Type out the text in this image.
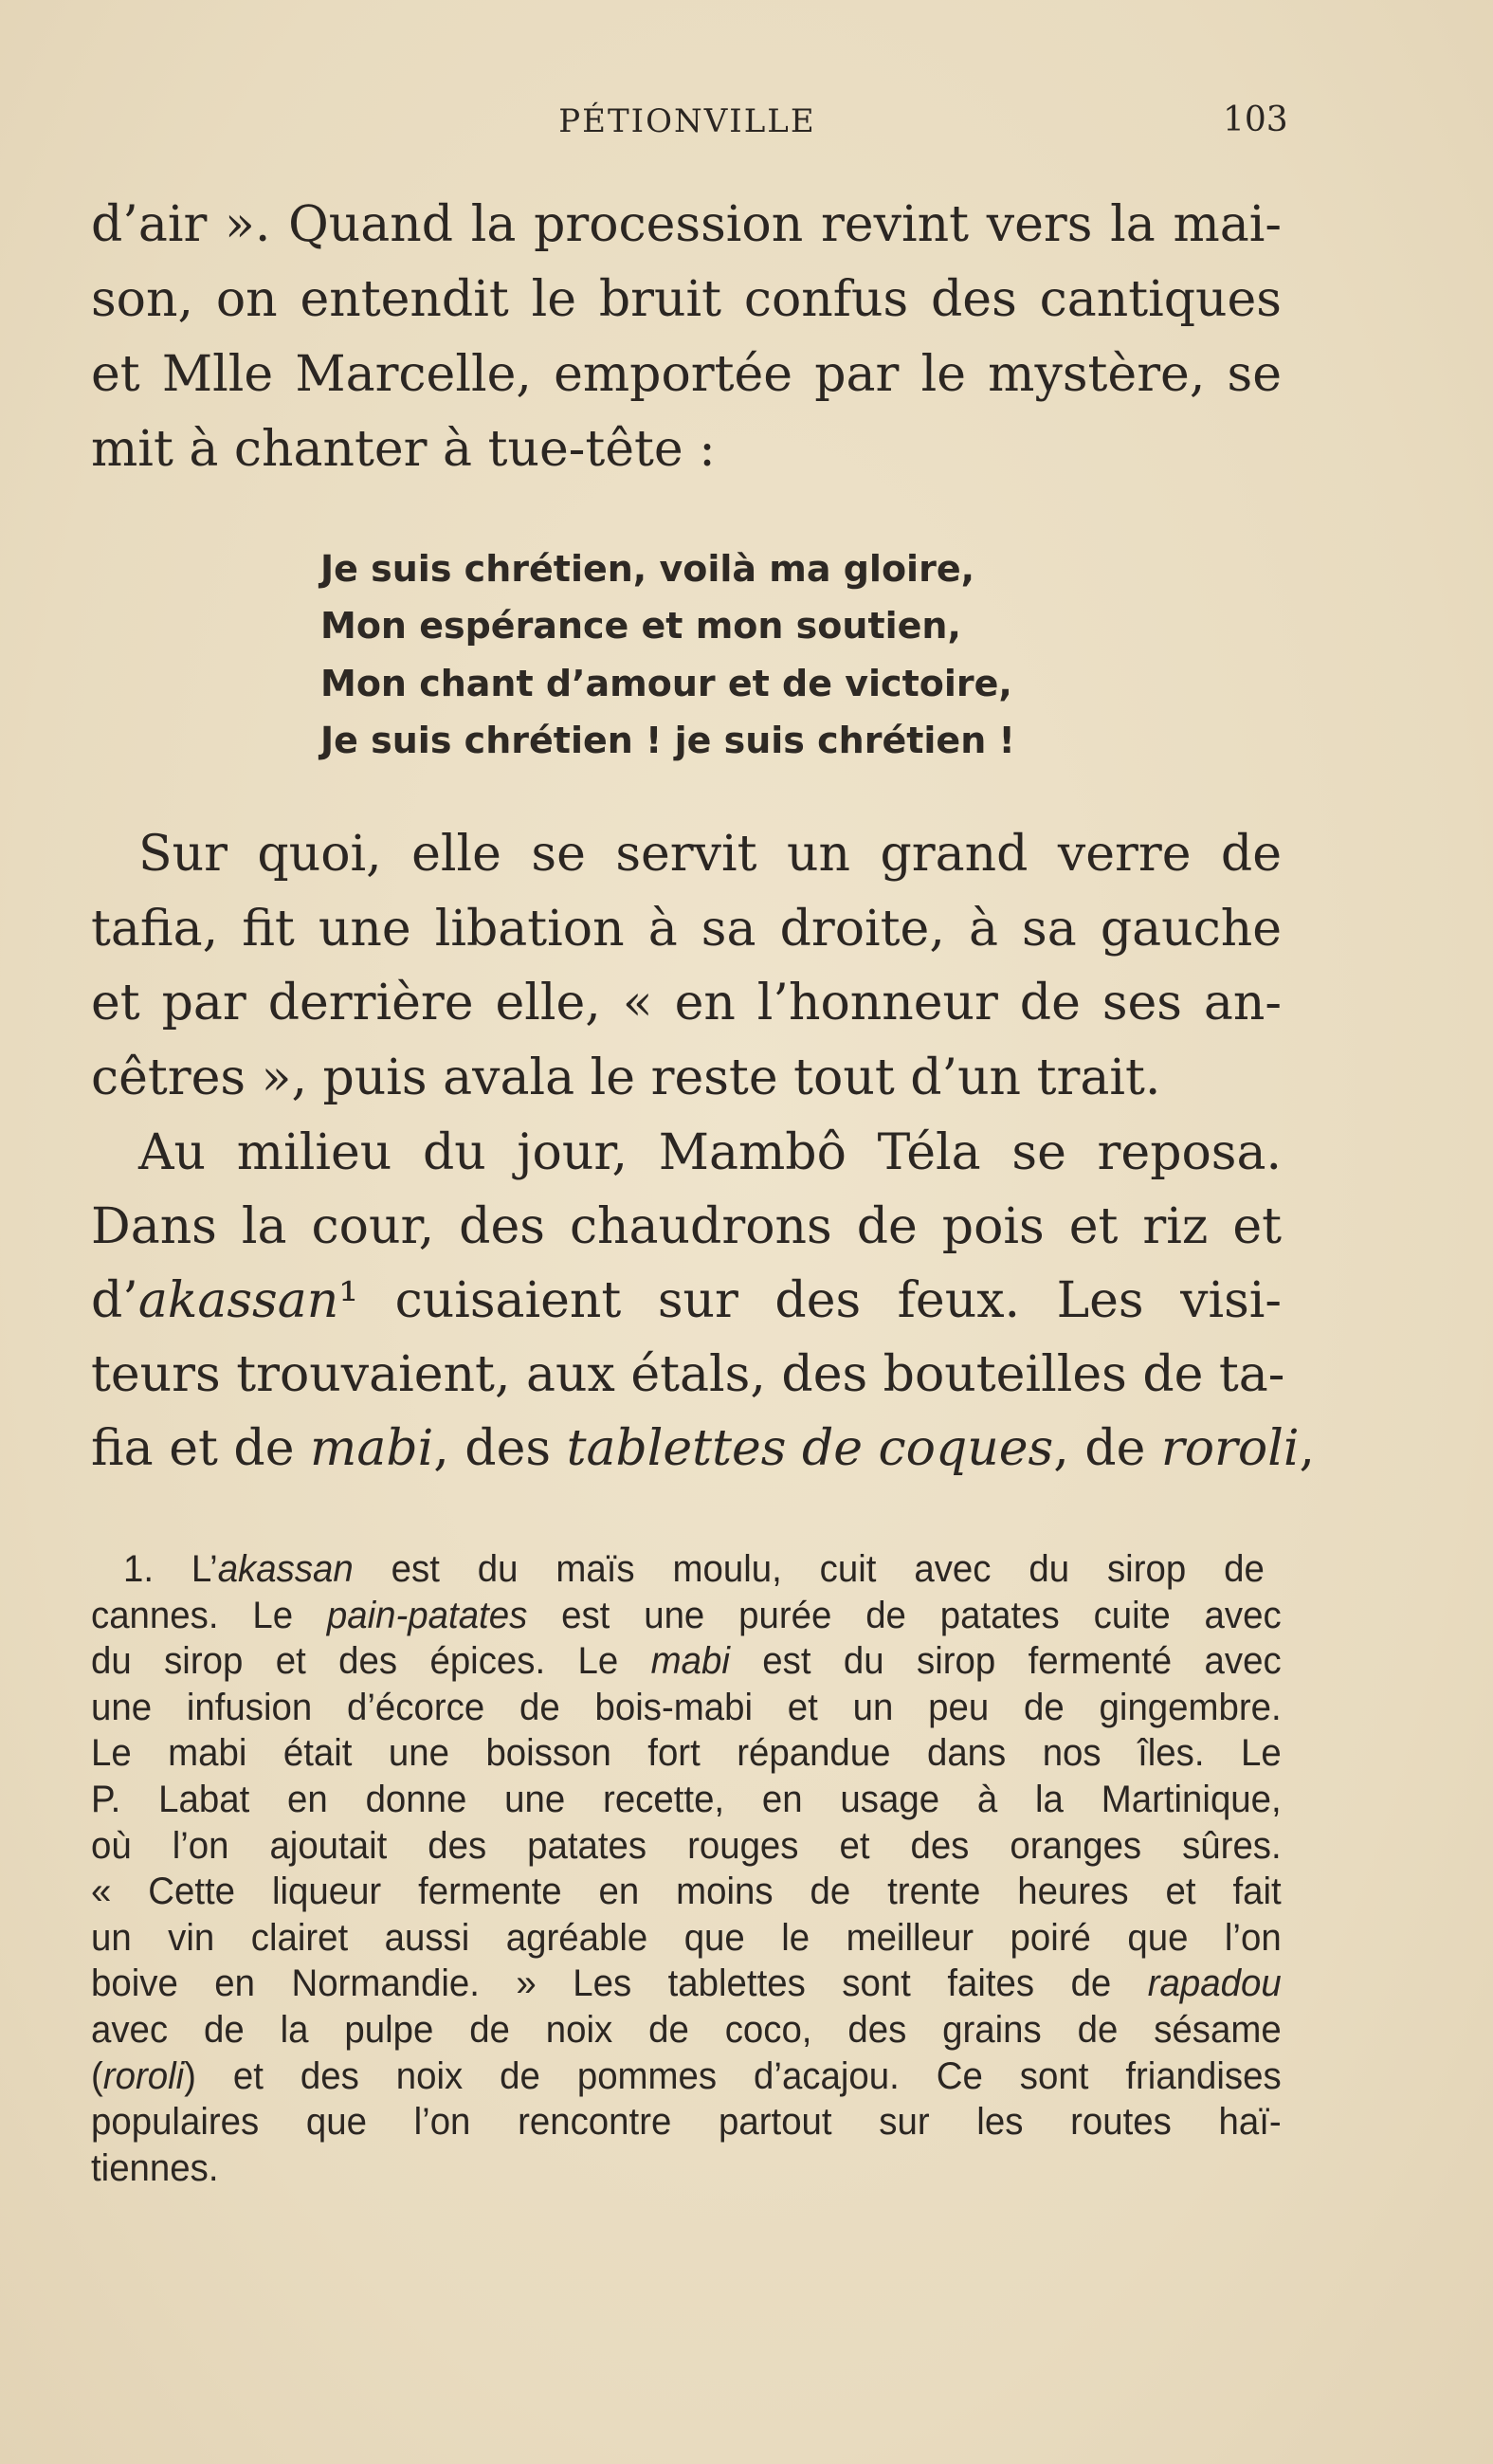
PÉTIONVILLE	103
d’air ». Quand la procession revint vers la mai-
son, on entendit le bruit confus des cantiques
et Mlle Marcelle, emportée par le mystère, se
mit à chanter à tue-tête :
Sur quoi, elle se servit un grand verre de
tafia, fit une libation à sa droite, à sa gauche
et par derrière elle, « en l’honneur de ses an-
cêtres », puis avala le reste tout d’un trait.
Au milieu du jour, Mambô Téla se reposa.
Dans la cour, des chaudrons de pois et riz et
d’akassan¹ cuisaient sur des feux. Les visi-
teurs trouvaient, aux étals, des bouteilles de ta-
fia et de mabi, des tablettes de coques, de roroli,
1. L’akassan est du maïs moulu, cuit avec du sirop de
cannes. Le pain-patates est une purée de patates cuite avec
du sirop et des épices. Le mabi est du sirop fermenté avec
une infusion d’écorce de bois-mabi et un peu de gingembre.
Le mabi était une boisson fort répandue dans nos îles. Le
P. Labat en donne une recette, en usage à la Martinique,
où l’on ajoutait des patates rouges et des oranges sûres.
« Cette liqueur fermente en moins de trente heures et fait
un vin clairet aussi agréable que le meilleur poiré que l’on
boive en Normandie. » Les tablettes sont faites de rapadou
avec de la pulpe de noix de coco, des grains de sésame
(roroli) et des noix de pommes d’acajou. Ce sont friandises
populaires que l’on rencontre partout sur les routes haï-
tiennes.
Je suis chrétien, voilà ma gloire,
Mon espérance et mon soutien,
Mon chant d’amour et de victoire,
Je suis chrétien ! je suis chrétien !
